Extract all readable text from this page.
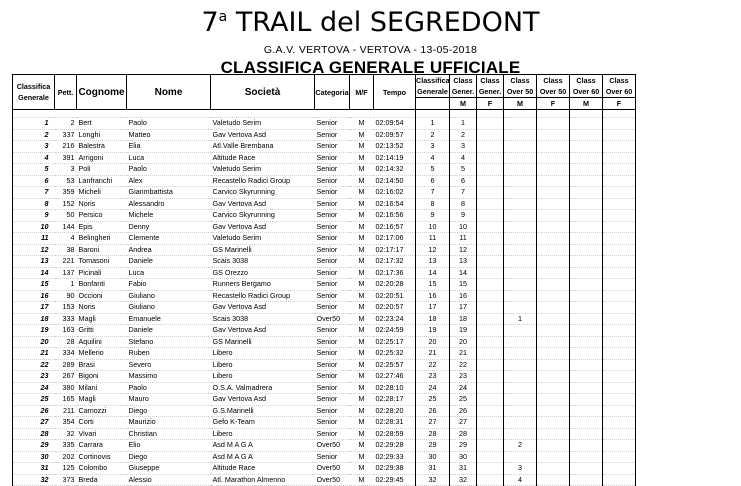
7$^a$ TRAIL del SEGREDONT
G.A.V. VERTOVA - VERTOVA - 13-05-2018
CLASSIFICA GENERALE UFFICIALE
Classifica Generale	Pett.	Cognome	Nome	Società	Categoria	M/F	Tempo	Classifica Generale	Class Gener.	Class Gener.	Class Over 50	Class Over 50	Class Over 60	Class Over 60
									M	F	M	F	M	F

1	2	Bert	Paolo	Valetudo Serim	Senior	M	02:09:54	1	1					
2	337	Longhi	Matteo	Gav Vertova Asd	Senior	M	02:09:57	2	2					
3	216	Balestra	Elia	Atl.Valle Brembana	Senior	M	02:13:52	3	3					
4	391	Arrigoni	Luca	Altitude Race	Senior	M	02:14:19	4	4					
5	3	Poli	Paolo	Valetudo Serim	Senior	M	02:14:32	5	5					
6	53	Lanfranchi	Alex	Recastello Radici Group	Senior	M	02:14:50	6	6					
7	359	Micheli	Gianmbattista	Carvico Skyrunning	Senior	M	02:16:02	7	7					
8	152	Noris	Alessandro	Gav Vertova Asd	Senior	M	02:16:54	8	8					
9	50	Persico	Michele	Carvico Skyrunning	Senior	M	02:16:56	9	9					
10	144	Epis	Denny	Gav Vertova Asd	Senior	M	02:16:57	10	10					
11	4	Belingheri	Clemente	Valetudo Serim	Senior	M	02:17:06	11	11					
12	38	Baroni	Andrea	GS Marinelli	Senior	M	02:17:17	12	12					
13	221	Tomasoni	Daniele	Scais 3038	Senior	M	02:17:32	13	13					
14	137	Picinali	Luca	GS Orezzo	Senior	M	02:17:36	14	14					
15	1	Bonfanti	Fabio	Runners Bergamo	Senior	M	02:20:28	15	15					
16	90	Occioni	Giuliano	Recastello Radici Group	Senior	M	02:20:51	16	16					
17	153	Noris	Giuliano	Gav Vertova Asd	Senior	M	02:20:57	17	17					
18	333	Magli	Emanuele	Scais 3038	Over50	M	02:23:24	18	18		1			
19	163	Gritti	Daniele	Gav Vertova Asd	Senior	M	02:24:59	19	19					
20	28	Aquilini	Stefano	GS Marinelli	Senior	M	02:25:17	20	20					
21	334	Mellerio	Ruben	Libero	Senior	M	02:25:32	21	21					
22	289	Brasi	Severo	Libero	Senior	M	02:25:57	22	22					
23	267	Bigoni	Massimo	Libero	Senior	M	02:27:46	23	23					
24	380	Milani	Paolo	O.S.A. Valmadrera	Senior	M	02:28:10	24	24					
25	165	Magli	Mauro	Gav Vertova Asd	Senior	M	02:28:17	25	25					
26	211	Camozzi	Diego	G.S.Marinelli	Senior	M	02:28:20	26	26					
27	354	Corti	Maurizio	Gefo K-Team	Senior	M	02:28:31	27	27					
28	32	Vivari	Christian	Libero	Senior	M	02:28:59	28	28					
29	335	Carrara	Elio	Asd M A G A	Over50	M	02:29:28	29	29		2			
30	202	Cortinovis	Diego	Asd M A G A	Senior	M	02:29:33	30	30					
31	125	Colombo	Giuseppe	Altitude Race	Over50	M	02:29:38	31	31		3			
32	373	Breda	Alessio	Atl. Marathon Almenno	Over50	M	02:29:45	32	32		4			
